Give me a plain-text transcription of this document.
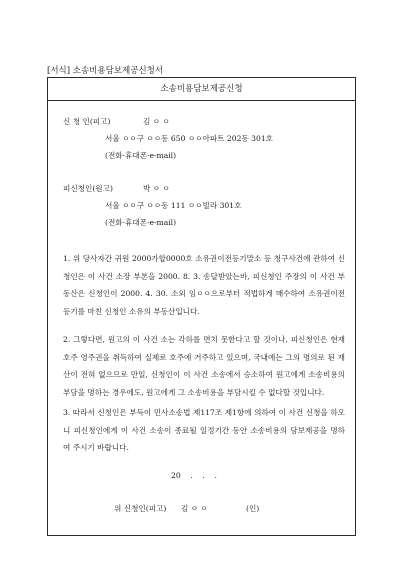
[서식] 소송비용담보제공신청서
소송비용담보제공신청
신 청 인(피고)	김 ㅇ ㅇ
서울 ㅇㅇ구 ㅇㅇ동 650 ㅇㅇ아파트 202동 301호
(전화·휴대폰·e-mail)
피신청인(원고)	박 ㅇ ㅇ
서울 ㅇㅇ구 ㅇㅇ동 111 ㅇㅇ빌라 301호
(전화·휴대폰·e-mail)
1. 위 당사자간 귀원 2000가합0000호 소유권이전등기말소 등 청구사건에 관하여 신청인은 이 사건 소장 부본을 2000. 8. 3. 송달받았는바, 피신청인 주장의 이 사건 부동산은 신청인이 2000. 4. 30. 소외 임ㅇㅇ으로부터 적법하게 매수하여 소유권이전등기를 마친 신청인 소유의 부동산입니다.
2. 그렇다면, 원고의 이 사건 소는 각하를 면치 못한다고 할 것이나, 피신청인은 현재 호주 영주권을 취득하여 실제로 호주에 거주하고 있으며, 국내에는 그의 명의로 된 재산이 전혀 없으므로 만일, 신청인이 이 사건 소송에서 승소하여 원고에게 소송비용의 부담을 명하는 경우에도, 원고에게 그 소송비용을 부담시킬 수 없다할 것입니다.
3. 따라서 신청인은 부득이 민사소송법 제117조 제1항에 의하여 이 사건 신청을 하오니 피신청인에게 이 사건 소송이 종료될 일정기간 동안 소송비용의 담보제공을 명하 여 주시기 바랍니다.
20    .    .    .
위 신청인(피고) 김 ㅇ ㅇ	(인)
